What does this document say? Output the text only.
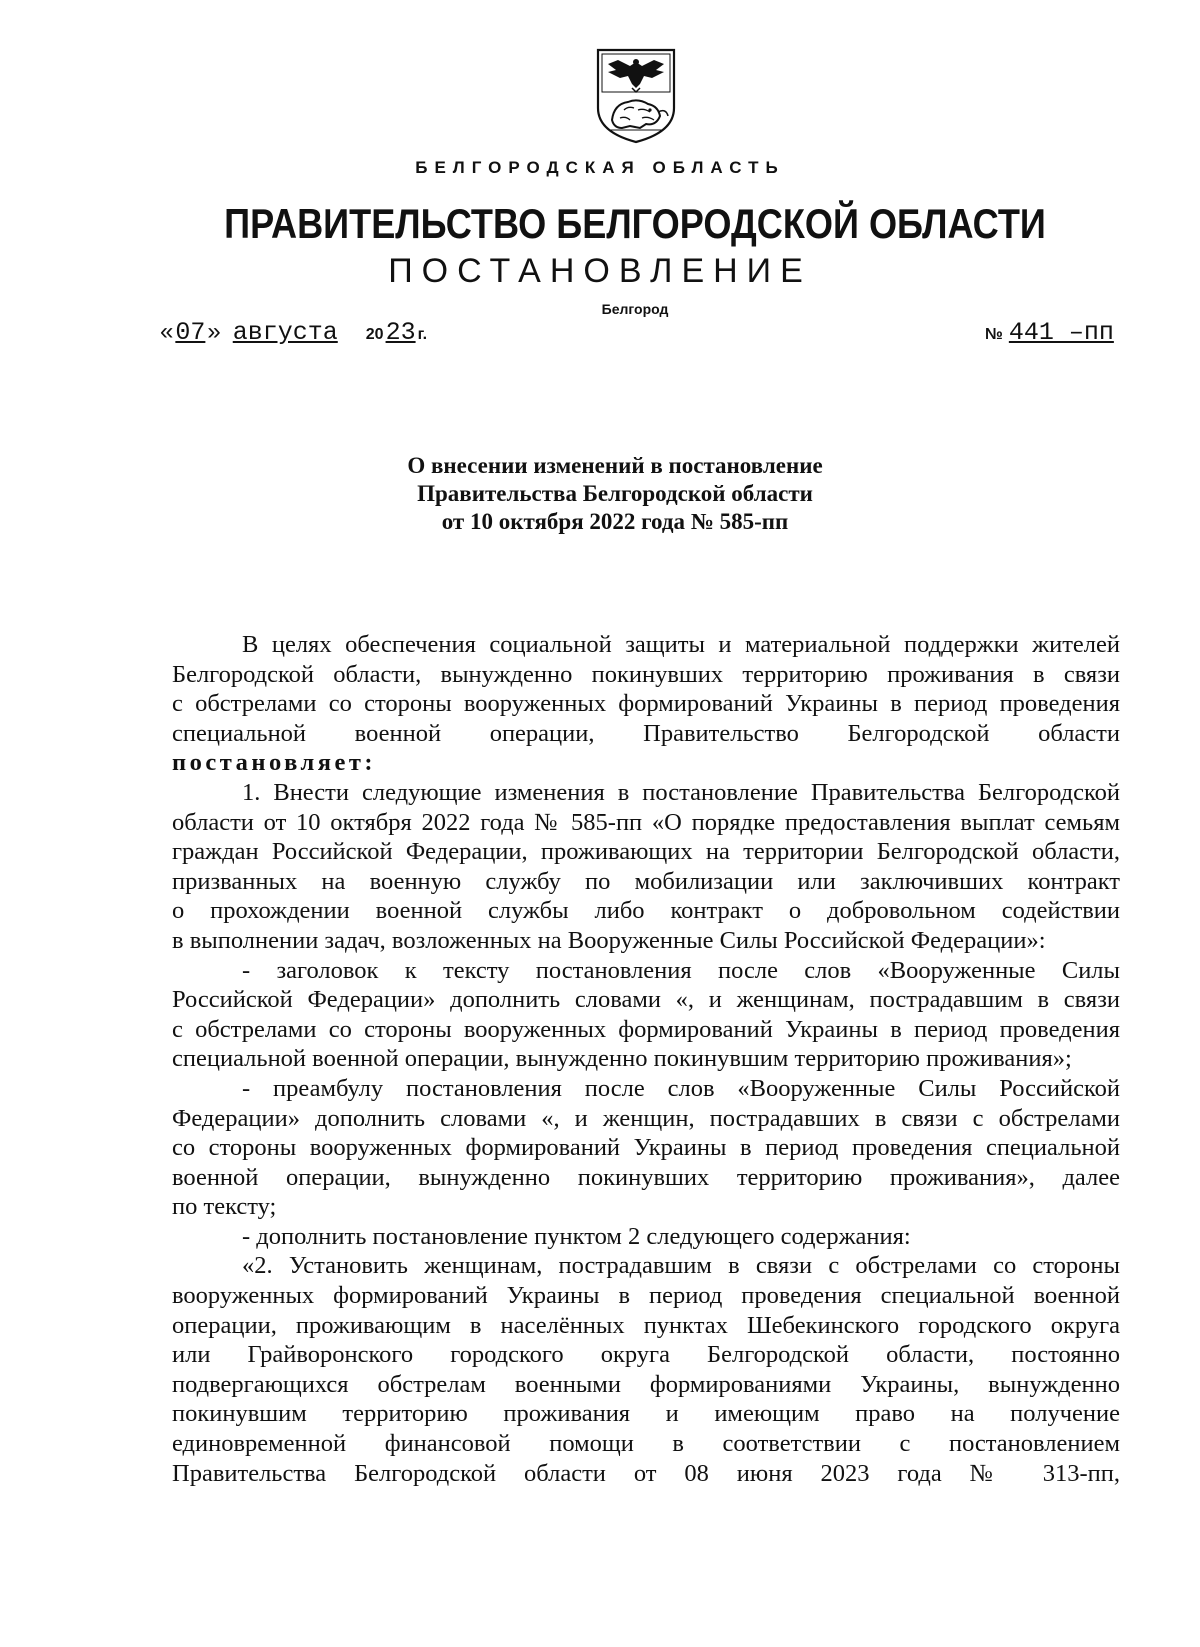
БЕЛГОРОДСКАЯ ОБЛАСТЬ
ПРАВИТЕЛЬСТВО БЕЛГОРОДСКОЙ ОБЛАСТИ
ПОСТАНОВЛЕНИЕ
Белгород
« 07 » августа 20 23 г.	№ 441 –пп
О внесении изменений в постановление
Правительства Белгородской области
от 10 октября 2022 года № 585-пп
В целях обеспечения социальной защиты и материальной поддержки жителей
Белгородской области, вынужденно покинувших территорию проживания в связи
с обстрелами со стороны вооруженных формирований Украины в период проведения
специальной военной операции, Правительство Белгородской области
постановляет:
1. Внести следующие изменения в постановление Правительства Белгородской
области от 10 октября 2022 года № 585-пп «О порядке предоставления выплат семьям
граждан Российской Федерации, проживающих на территории Белгородской области,
призванных на военную службу по мобилизации или заключивших контракт
о прохождении военной службы либо контракт о добровольном содействии
в выполнении задач, возложенных на Вооруженные Силы Российской Федерации»:
- заголовок к тексту постановления после слов «Вооруженные Силы
Российской Федерации» дополнить словами «, и женщинам, пострадавшим в связи
с обстрелами со стороны вооруженных формирований Украины в период проведения
специальной военной операции, вынужденно покинувшим территорию проживания»;
- преамбулу постановления после слов «Вооруженные Силы Российской
Федерации» дополнить словами «, и женщин, пострадавших в связи с обстрелами
со стороны вооруженных формирований Украины в период проведения специальной
военной операции, вынужденно покинувших территорию проживания», далее
по тексту;
- дополнить постановление пунктом 2 следующего содержания:
«2. Установить женщинам, пострадавшим в связи с обстрелами со стороны
вооруженных формирований Украины в период проведения специальной военной
операции, проживающим в населённых пунктах Шебекинского городского округа
или Грайворонского городского округа Белгородской области, постоянно
подвергающихся обстрелам военными формированиями Украины, вынужденно
покинувшим территорию проживания и имеющим право на получение
единовременной финансовой помощи в соответствии с постановлением
Правительства Белгородской области от 08 июня 2023 года № 313-пп,
